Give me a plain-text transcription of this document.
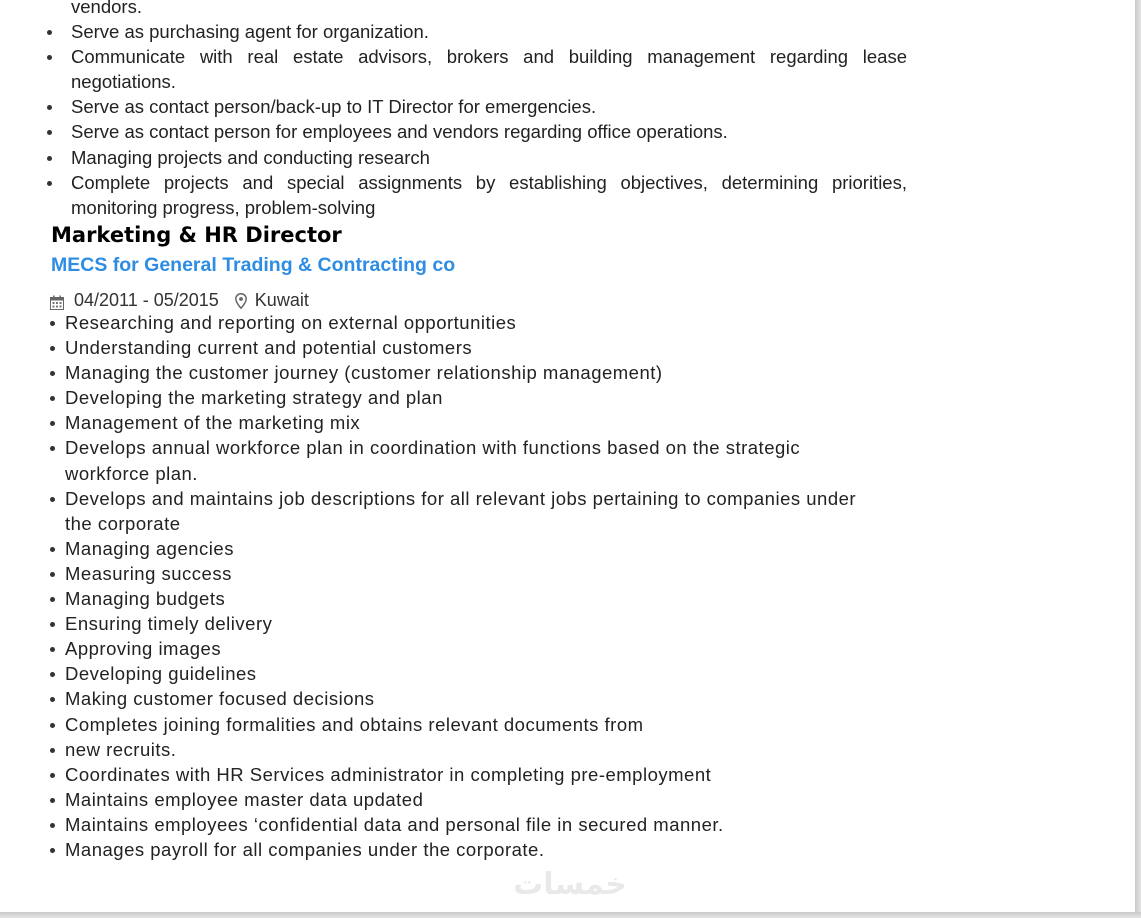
vendors.
Serve as purchasing agent for organization.
Communicate with real estate advisors, brokers and building management regarding lease negotiations.
Serve as contact person/back-up to IT Director for emergencies.
Serve as contact person for employees and vendors regarding office operations.
Managing projects and conducting research
Complete projects and special assignments by establishing objectives, determining priorities, monitoring progress, problem-solving
Marketing & HR Director
MECS for General Trading & Contracting co
04/2011 - 05/2015 Kuwait
Researching and reporting on external opportunities
Understanding current and potential customers
Managing the customer journey (customer relationship management)
Developing the marketing strategy and plan
Management of the marketing mix
Develops annual workforce plan in coordination with functions based on the strategic workforce plan.
Develops and maintains job descriptions for all relevant jobs pertaining to companies under the corporate
Managing agencies
Measuring success
Managing budgets
Ensuring timely delivery
Approving images
Developing guidelines
Making customer focused decisions
Completes joining formalities and obtains relevant documents from
new recruits.
Coordinates with HR Services administrator in completing pre-employment
Maintains employee master data updated
Maintains employees ‘confidential data and personal file in secured manner.
Manages payroll for all companies under the corporate.
خمسات
